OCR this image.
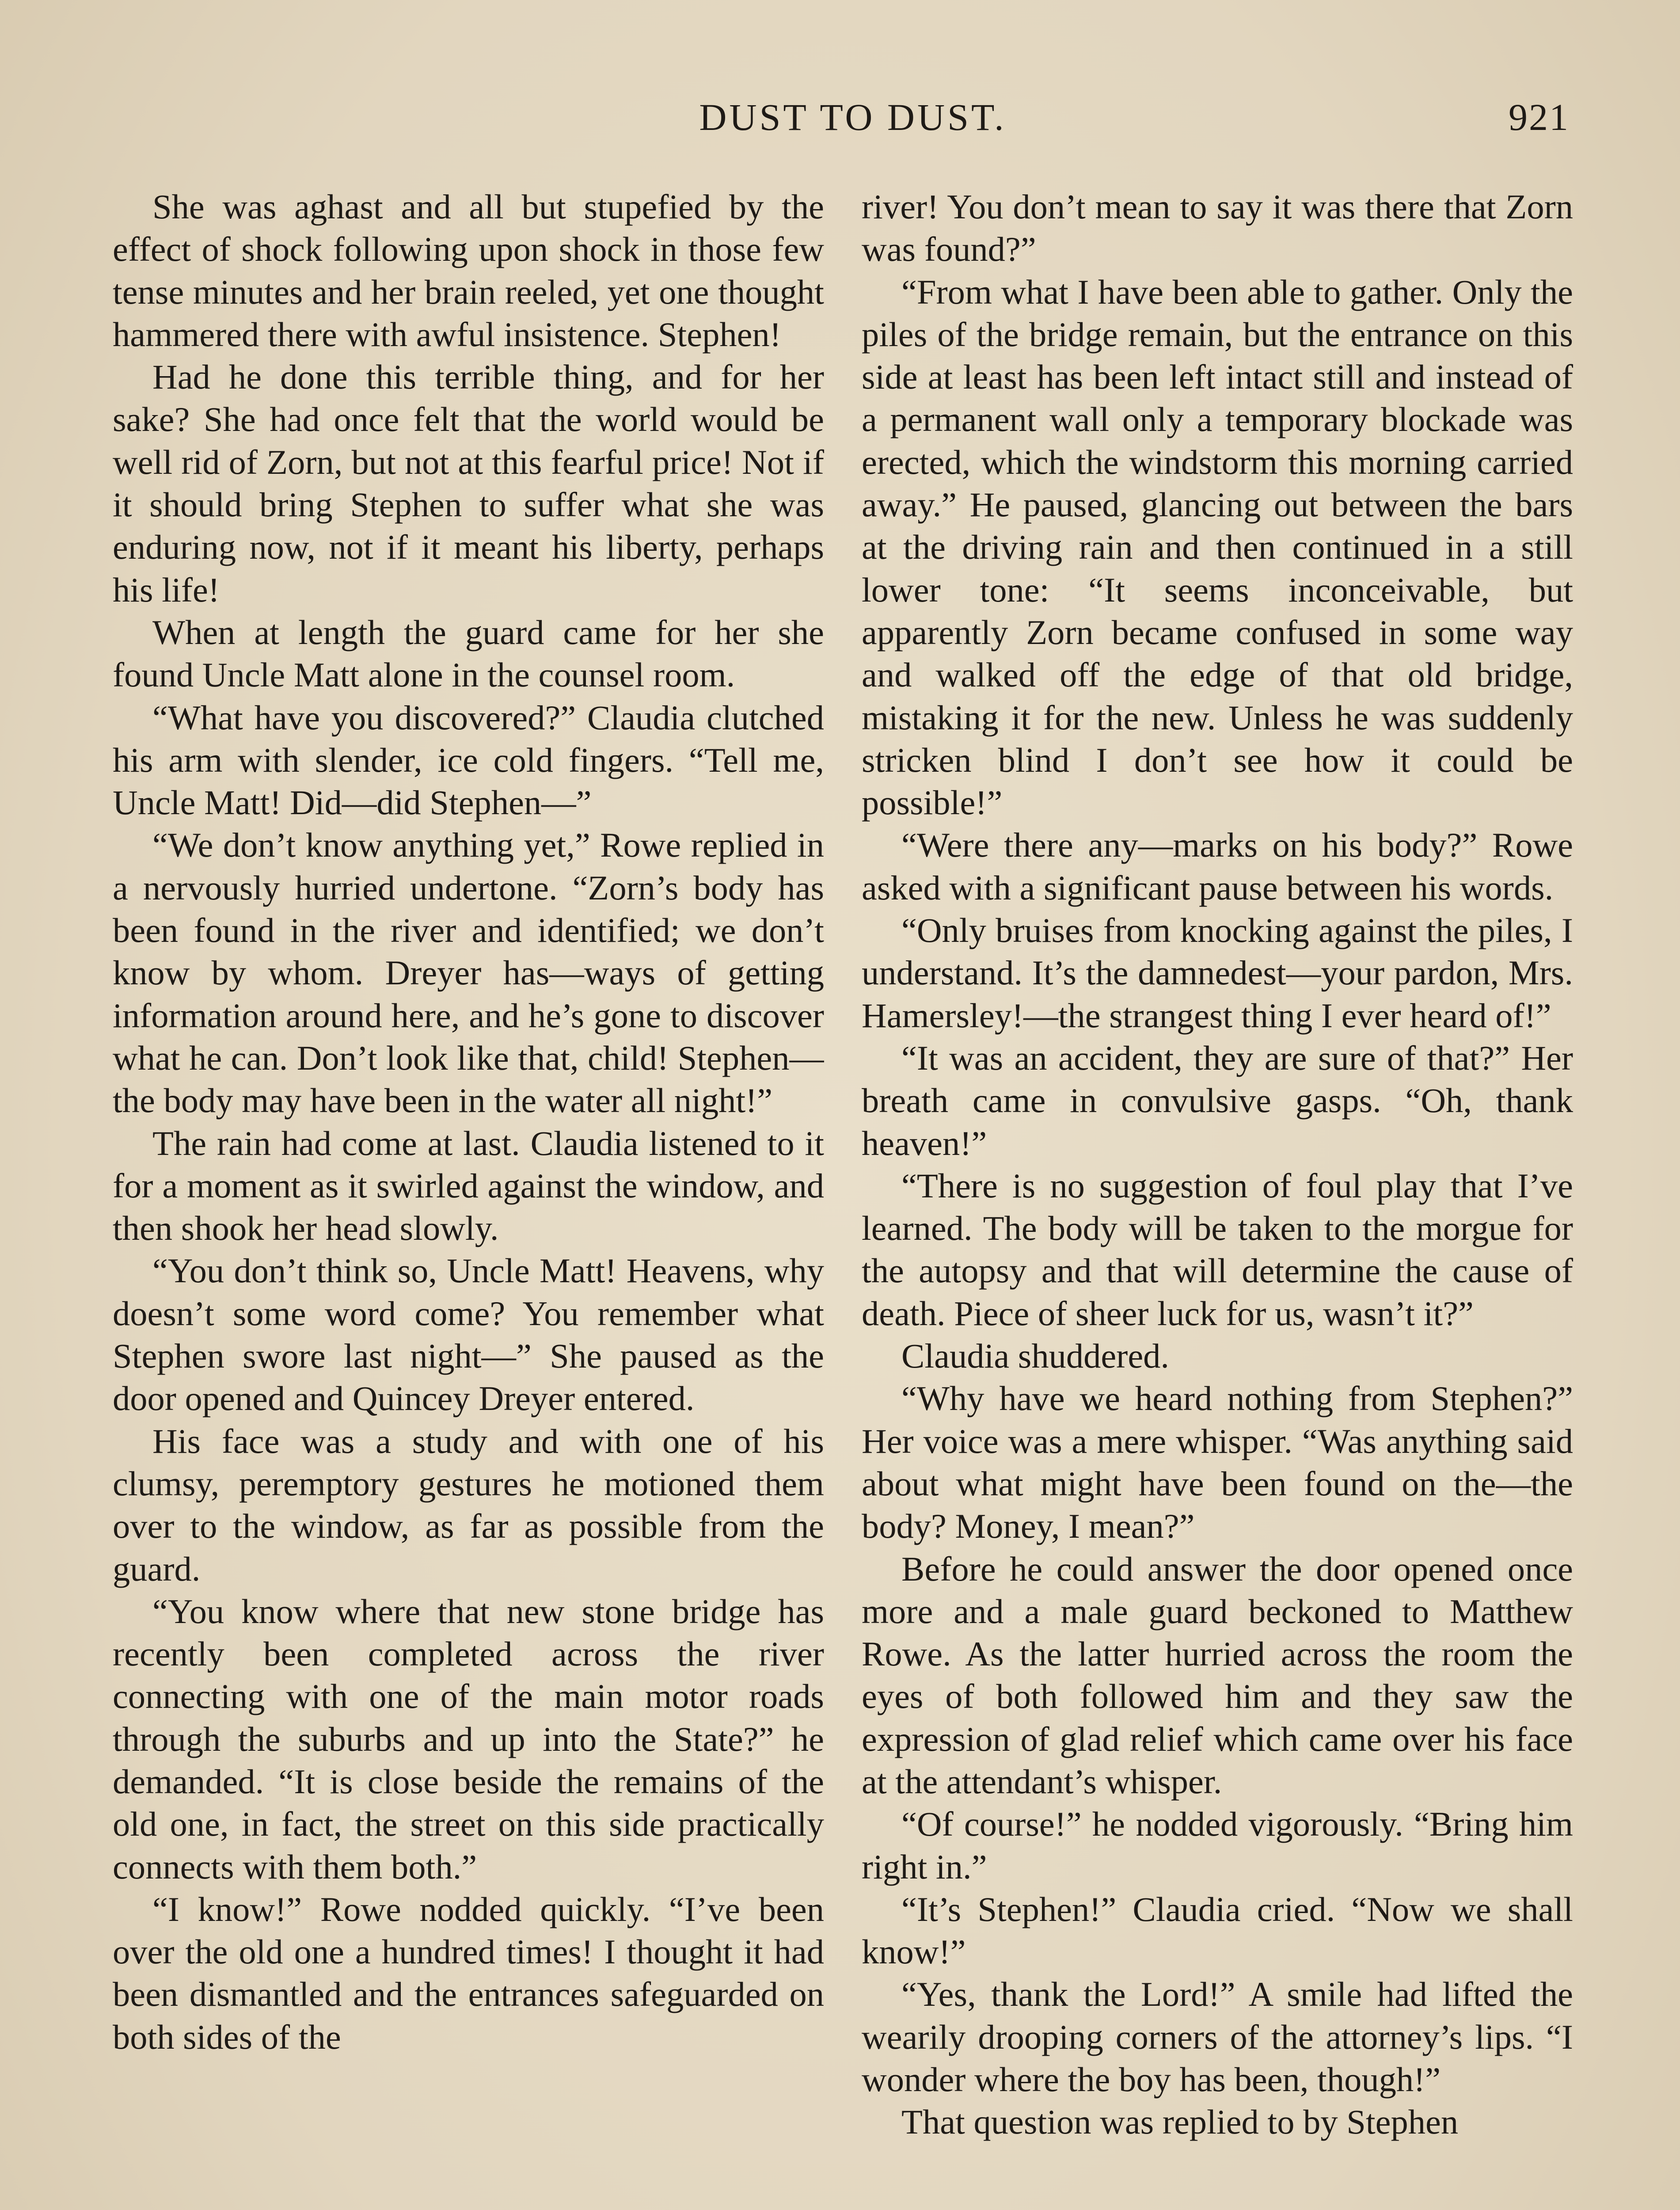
DUST TO DUST.	921

She was aghast and all but stupefied by the effect of shock following upon shock in those few tense minutes and her brain reeled, yet one thought hammered there with awful insistence. Stephen!

Had he done this terrible thing, and for her sake? She had once felt that the world would be well rid of Zorn, but not at this fearful price! Not if it should bring Stephen to suffer what she was enduring now, not if it meant his liberty, perhaps his life!

When at length the guard came for her she found Uncle Matt alone in the counsel room.

“What have you discovered?” Claudia clutched his arm with slender, ice cold fingers. “Tell me, Uncle Matt! Did—did Stephen—”

“We don’t know anything yet,” Rowe replied in a nervously hurried undertone. “Zorn’s body has been found in the river and identified; we don’t know by whom. Dreyer has—ways of getting information around here, and he’s gone to discover what he can. Don’t look like that, child! Stephen—the body may have been in the water all night!”

The rain had come at last. Claudia listened to it for a moment as it swirled against the window, and then shook her head slowly.

“You don’t think so, Uncle Matt! Heavens, why doesn’t some word come? You remember what Stephen swore last night—” She paused as the door opened and Quincey Dreyer entered.

His face was a study and with one of his clumsy, peremptory gestures he motioned them over to the window, as far as possible from the guard.

“You know where that new stone bridge has recently been completed across the river connecting with one of the main motor roads through the suburbs and up into the State?” he demanded. “It is close beside the remains of the old one, in fact, the street on this side practically connects with them both.”

“I know!” Rowe nodded quickly. “I’ve been over the old one a hundred times! I thought it had been dismantled and the entrances safeguarded on both sides of the

river! You don’t mean to say it was there that Zorn was found?”

“From what I have been able to gather. Only the piles of the bridge remain, but the entrance on this side at least has been left intact still and instead of a permanent wall only a temporary blockade was erected, which the windstorm this morning carried away.” He paused, glancing out between the bars at the driving rain and then continued in a still lower tone: “It seems inconceivable, but apparently Zorn became confused in some way and walked off the edge of that old bridge, mistaking it for the new. Unless he was suddenly stricken blind I don’t see how it could be possible!”

“Were there any—marks on his body?” Rowe asked with a significant pause between his words.

“Only bruises from knocking against the piles, I understand. It’s the damnedest—your pardon, Mrs. Hamersley!—the strangest thing I ever heard of!”

“It was an accident, they are sure of that?” Her breath came in convulsive gasps. “Oh, thank heaven!”

“There is no suggestion of foul play that I’ve learned. The body will be taken to the morgue for the autopsy and that will determine the cause of death. Piece of sheer luck for us, wasn’t it?”

Claudia shuddered.

“Why have we heard nothing from Stephen?” Her voice was a mere whisper. “Was anything said about what might have been found on the—the body? Money, I mean?”

Before he could answer the door opened once more and a male guard beckoned to Matthew Rowe. As the latter hurried across the room the eyes of both followed him and they saw the expression of glad relief which came over his face at the attendant’s whisper.

“Of course!” he nodded vigorously. “Bring him right in.”

“It’s Stephen!” Claudia cried. “Now we shall know!”

“Yes, thank the Lord!” A smile had lifted the wearily drooping corners of the attorney’s lips. “I wonder where the boy has been, though!”

That question was replied to by Stephen
